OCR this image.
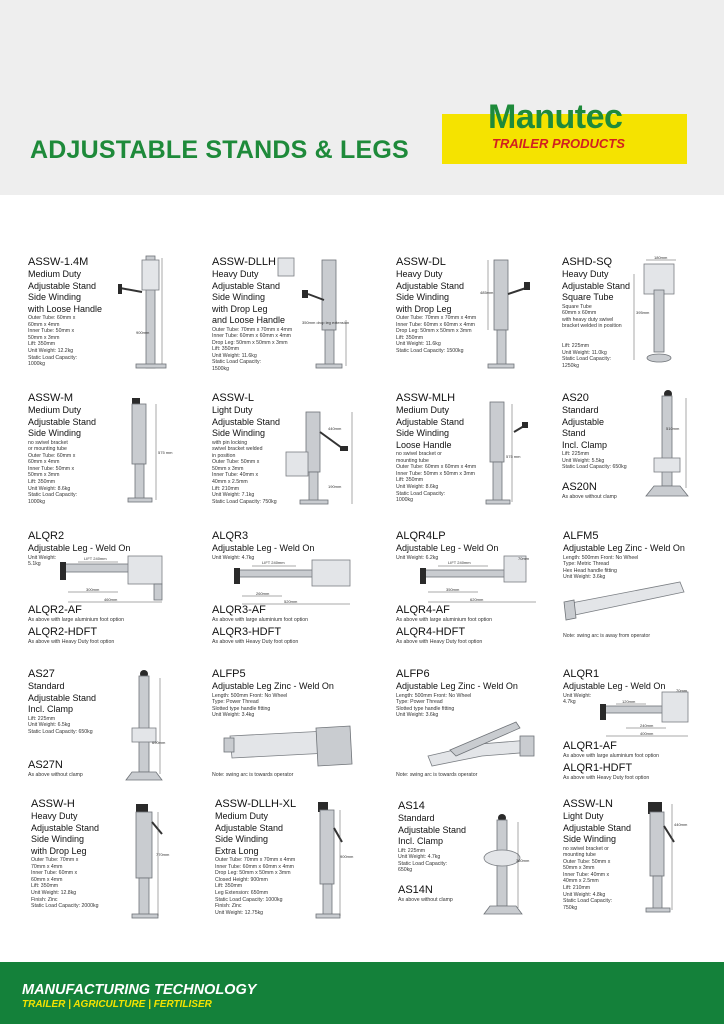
ADJUSTABLE STANDS & LEGS
Manutec
TRAILER PRODUCTS
ASSW-1.4M
Medium Duty
Adjustable Stand
Side Winding
with Loose Handle
Outer Tube: 60mm x
60mm x 4mm
Inner Tube: 50mm x
50mm x 3mm
Lift: 350mm
Unit Weight: 12.2kg
Static Load Capacity:
1000kg
900mm
ASSW-DLLH
Heavy Duty
Adjustable Stand
Side Winding
with Drop Leg
and Loose Handle
Outer Tube: 70mm x 70mm x 4mm
Inner Tube: 60mm x 60mm x 4mm
Drop Leg: 50mm x 50mm x 3mm
Lift: 350mm
Unit Weight: 11.6kg
Static Load Capacity:
1500kg
350mm drop leg extension
ASSW-DL
Heavy Duty
Adjustable Stand
Side Winding
with Drop Leg
Outer Tube: 70mm x 70mm x 4mm
Inner Tube: 60mm x 60mm x 4mm
Drop Leg: 50mm x 50mm x 3mm
Lift: 350mm
Unit Weight: 11.6kg
Static Load Capacity: 1500kg
485mm
ASHD-SQ
Heavy Duty
Adjustable Stand
Square Tube
Square Tube
60mm x 60mm
with heavy duty swivel
bracket welded in position

Lift: 225mm
Unit Weight: 11.0kg
Static Load Capacity:
1250kg
180mm
395mm
ASSW-M
Medium Duty
Adjustable Stand
Side Winding
no swivel bracket
or mounting tube
Outer Tube: 60mm x
60mm x 4mm
Inner Tube: 50mm x
50mm x 3mm
Lift: 350mm
Unit Weight: 8.6kg
Static Load Capacity:
1000kg
575 mm
ASSW-L
Light Duty
Adjustable Stand
Side Winding
with pin locking
swivel bracket welded
in position
Outer Tube: 50mm x
50mm x 3mm
Inner Tube: 40mm x
40mm x 2.5mm
Lift: 210mm
Unit Weight: 7.1kg
Static Load Capacity: 750kg
440mm
190mm
ASSW-MLH
Medium Duty
Adjustable Stand
Side Winding
Loose Handle
no swivel bracket or
mounting tube
Outer Tube: 60mm x 60mm x 4mm
Inner Tube: 50mm x 50mm x 3mm
Lift: 350mm
Unit Weight: 8.6kg
Static Load Capacity:
1000kg
575 mm
AS20
Standard
Adjustable
Stand
Incl. Clamp
Lift: 225mm
Unit Weight: 5.5kg
Static Load Capacity: 650kg
AS20N
As above without clamp
510mm
ALQR2
Adjustable Leg - Weld On
Unit Weight:
5.1kg
LIFT 240mm
300mm
460mm
ALQR2-AF
As above with large aluminium foot option
ALQR2-HDFT
As above with Heavy Duty foot option
ALQR3
Adjustable Leg - Weld On
Unit Weight: 4.7kg
LIFT 240mm
260mm
520mm
ALQR3-AF
As above with large aluminium foot option
ALQR3-HDFT
As above with Heavy Duty foot option
ALQR4LP
Adjustable Leg - Weld On
Unit Weight: 6.2kg
LIFT 240mm
70mm
350mm
620mm
ALQR4-AF
As above with large aluminium foot option
ALQR4-HDFT
As above with Heavy Duty foot option
ALFM5
Adjustable Leg Zinc - Weld On
Length: 500mm Front: No Wheel
Type: Metric Thread
Hex Head handle fitting
Unit Weight: 3.6kg
Note: swing arc is away from operator
AS27
Standard
Adjustable Stand
Incl. Clamp
Lift: 225mm
Unit Weight: 6.5kg
Static Load Capacity: 650kg
AS27N
As above without clamp
690mm
ALFP5
Adjustable Leg Zinc - Weld On
Length: 500mm Front: No Wheel
Type: Power Thread
Slotted type handle fitting
Unit Weight: 3.4kg
Note: swing arc is towards operator
ALFP6
Adjustable Leg Zinc - Weld On
Length: 500mm Front: No Wheel
Type: Power Thread
Slotted type handle fitting
Unit Weight: 3.6kg
Note: swing arc is towards operator
ALQR1
Adjustable Leg - Weld On
Unit Weight:
4.7kg	120mm
70mm
240mm
400mm
ALQR1-AF
As above with large aluminium foot option
ALQR1-HDFT
As above with Heavy Duty foot option
ASSW-H
Heavy Duty
Adjustable Stand
Side Winding
with Drop Leg
Outer Tube: 70mm x
70mm x 4mm
Inner Tube: 60mm x
60mm x 4mm
Lift: 350mm
Unit Weight: 12.8kg
Finish: Zinc
Static Load Capacity: 2000kg
770mm
ASSW-DLLH-XL
Medium Duty
Adjustable Stand
Side Winding
Extra Long
Outer Tube: 70mm x 70mm x 4mm
Inner Tube: 60mm x 60mm x 4mm
Drop Leg: 50mm x 50mm x 3mm
Closed Height: 900mm
Lift: 350mm
Leg Extension: 650mm
Static Load Capacity: 1000kg
Finish: Zinc
Unit Weight: 12.75kg
900mm
AS14
Standard
Adjustable Stand
Incl. Clamp
Lift: 225mm
Unit Weight: 4.7kg
Static Load Capacity:
650kg
AS14N
As above without clamp
360mm
ASSW-LN
Light Duty
Adjustable Stand
Side Winding
no swivel bracket or
mounting tube
Outer Tube: 50mm x
50mm x 3mm
Inner Tube: 40mm x
40mm x 2.5mm
Lift: 210mm
Unit Weight: 4.8kg
Static Load Capacity:
750kg
440mm
MANUFACTURING TECHNOLOGY
TRAILER | AGRICULTURE | FERTILISER
